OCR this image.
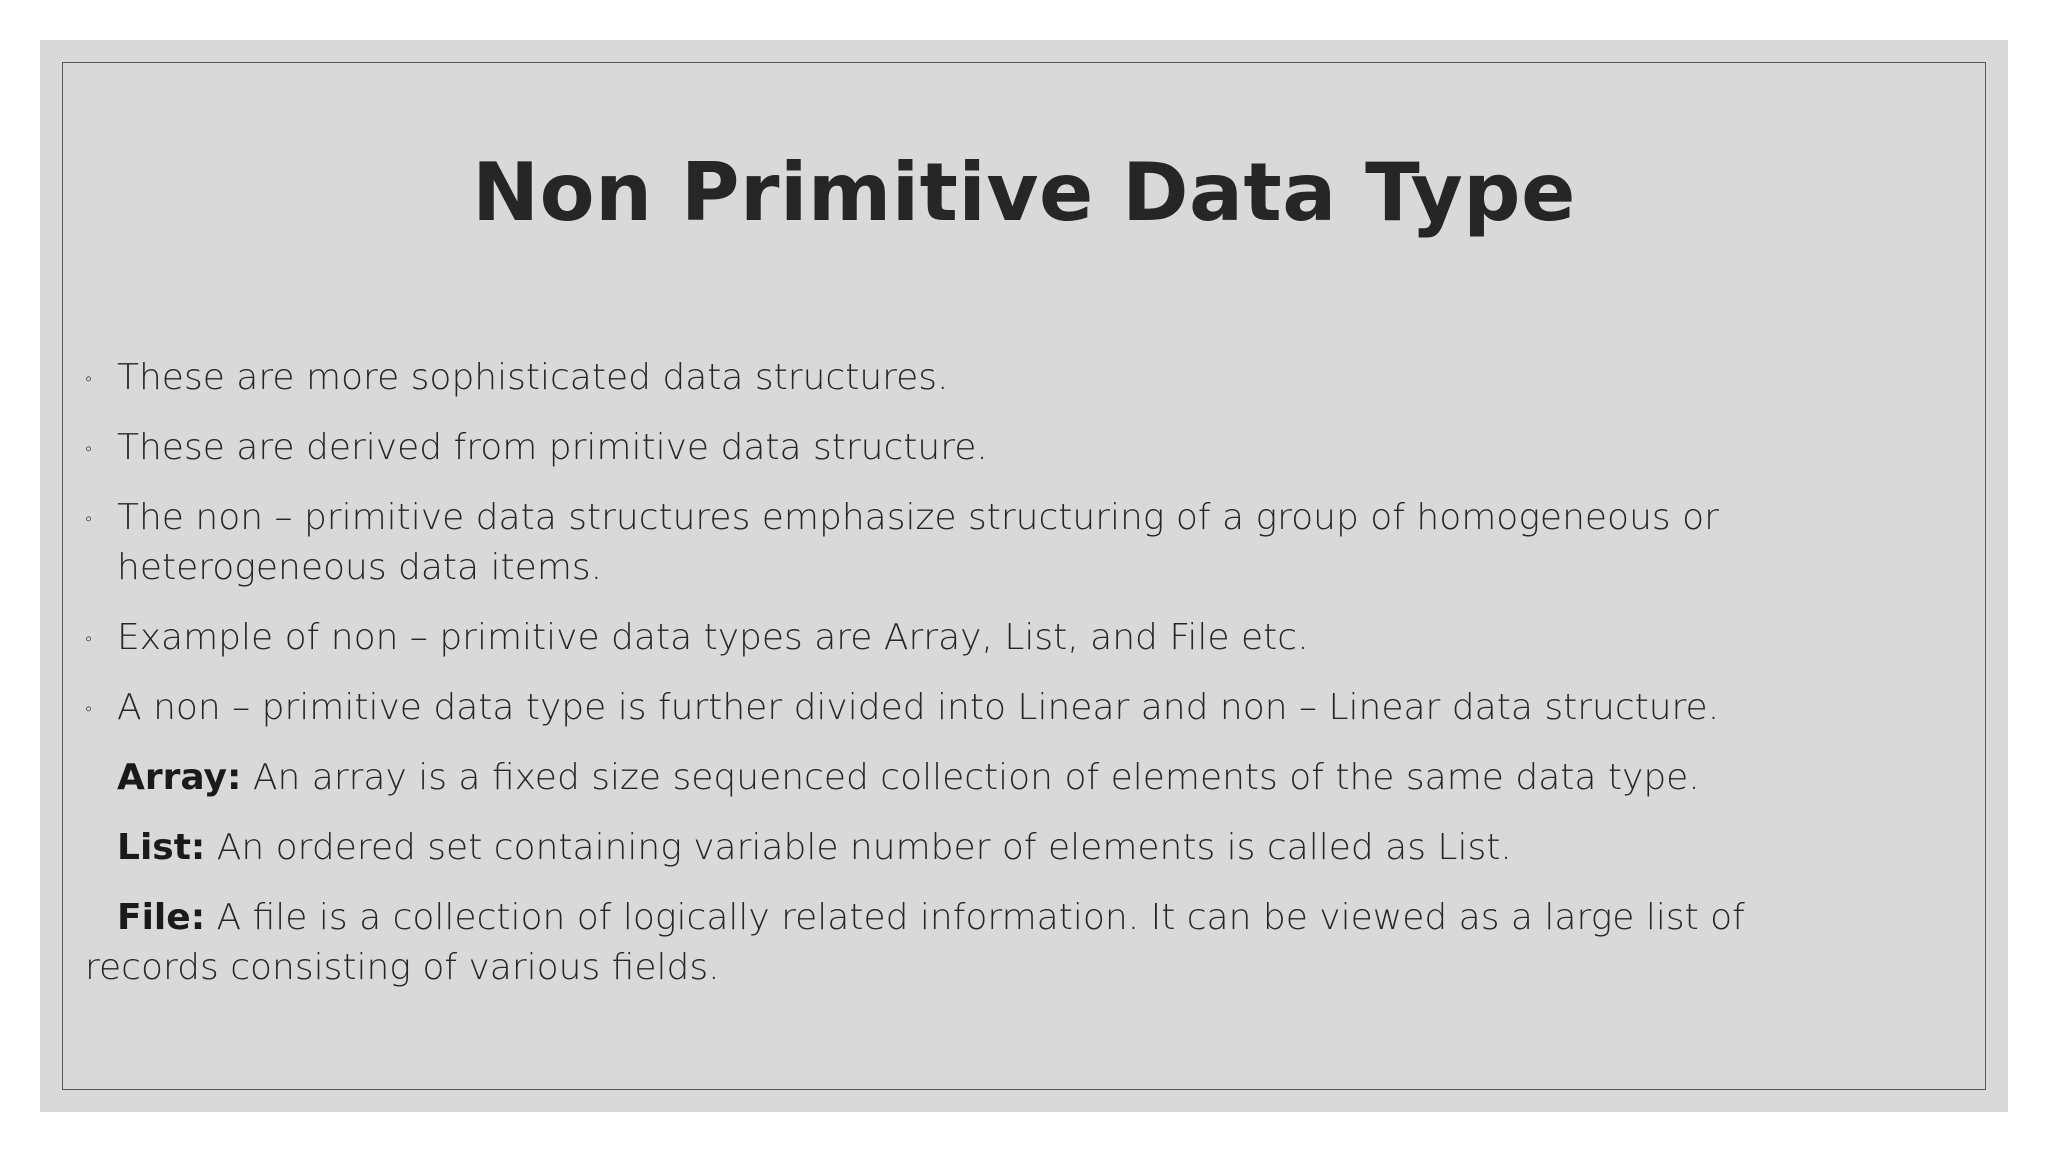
Non Primitive Data Type
◦ These are more sophisticated data structures.
◦ These are derived from primitive data structure.
◦ The non – primitive data structures emphasize structuring of a group of homogeneous or heterogeneous data items.
◦ Example of non – primitive data types are Array, List, and File etc.
◦ A non – primitive data type is further divided into Linear and non – Linear data structure.
Array: An array is a fixed size sequenced collection of elements of the same data type.
List: An ordered set containing variable number of elements is called as List.
File: A file is a collection of logically related information. It can be viewed as a large list of records consisting of various fields.
